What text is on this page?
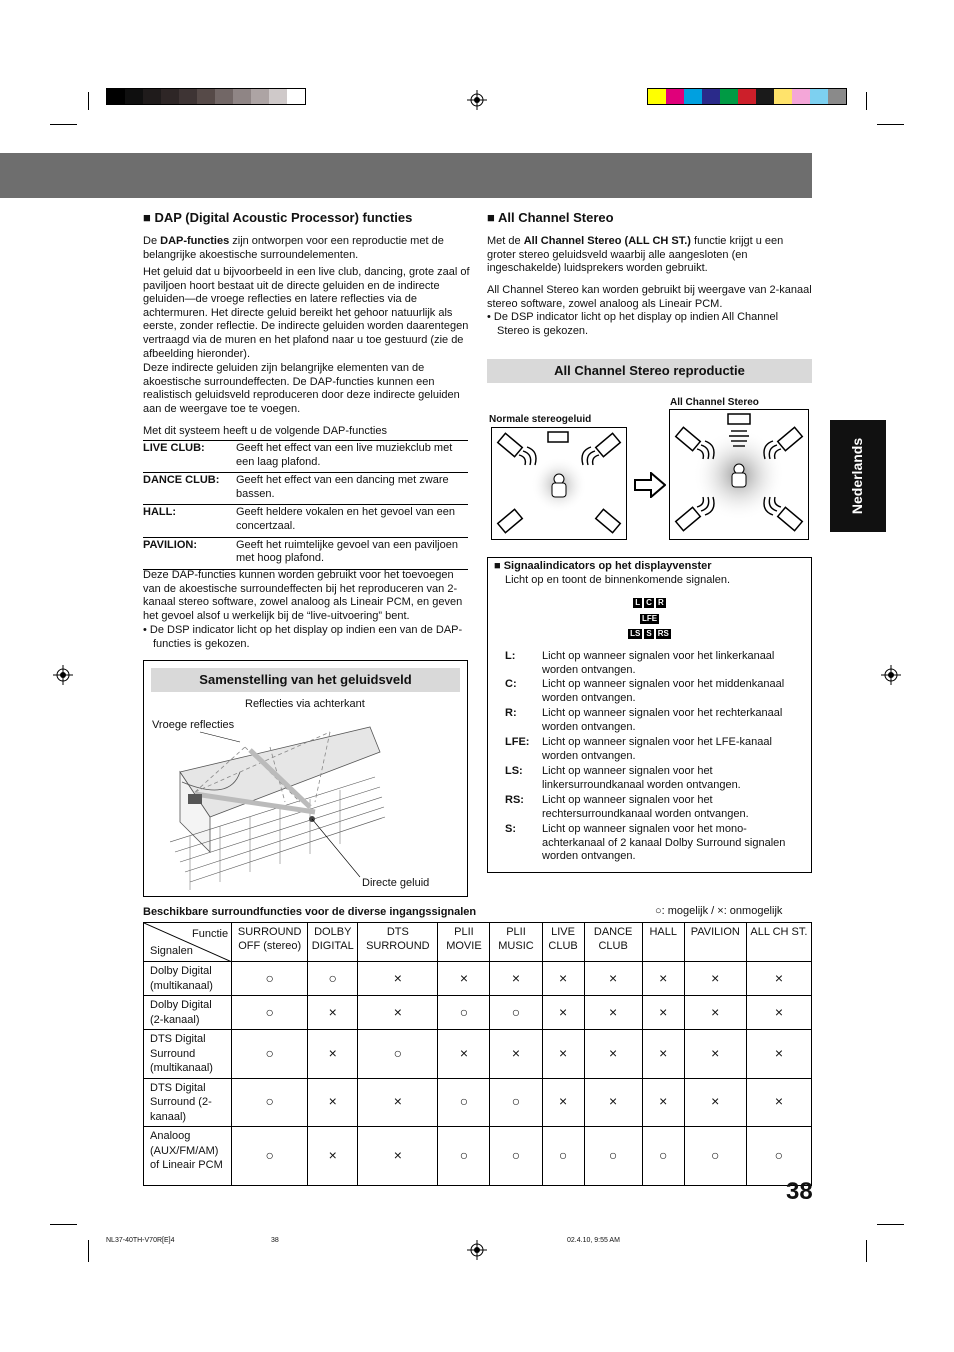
Nederlands
■ DAP (Digital Acoustic Processor) functies
De DAP-functies zijn ontworpen voor een reproductie met de belangrijke akoestische surroundelementen.
Het geluid dat u bijvoorbeeld in een live club, dancing, grote zaal of paviljoen hoort bestaat uit de directe geluiden en de indirecte geluiden—de vroege reflecties en latere reflecties via de achtermuren. Het directe geluid bereikt het gehoor natuurlijk als eerste, zonder reflectie. De indirecte geluiden worden daarentegen vertraagd via de muren en het plafond naar u toe gestuurd (zie de afbeelding hieronder).
Deze indirecte geluiden zijn belangrijke elementen van de akoestische surroundeffecten. De DAP-functies kunnen een realistisch geluidsveld reproduceren door deze indirecte geluiden aan de weergave toe te voegen.
Met dit systeem heeft u de volgende DAP-functies
LIVE CLUB:	Geeft het effect van een live muziekclub met een laag plafond.
DANCE CLUB:	Geeft het effect van een dancing met zware bassen.
HALL:	Geeft heldere vokalen en het gevoel van een concertzaal.
PAVILION:	Geeft het ruimtelijke gevoel van een paviljoen met hoog plafond.
Deze DAP-functies kunnen worden gebruikt voor het toevoegen van de akoestische surroundeffecten bij het reproduceren van 2-kanaal stereo software, zowel analoog als Lineair PCM, en geven het gevoel alsof u werkelijk bij de “live-uitvoering” bent.
• De DSP indicator licht op het display op indien een van de DAP-functies is gekozen.
Samenstelling van het geluidsveld
Reflecties via achterkant
Vroege reflecties
Directe geluid
■ All Channel Stereo
Met de All Channel Stereo (ALL CH ST.) functie krijgt u een groter stereo geluidsveld waarbij alle aangesloten (en ingeschakelde) luidsprekers worden gebruikt.
All Channel Stereo kan worden gebruikt bij weergave van 2-kanaal stereo software, zowel analoog als Lineair PCM.
• De DSP indicator licht op het display op indien All Channel Stereo is gekozen.
All Channel Stereo reproductie
Normale stereogeluid
All Channel Stereo
■ Signaalindicators op het displayvenster
Licht op en toont de binnenkomende signalen.
L C R
LFE
LS S RS
L:	Licht op wanneer signalen voor het linkerkanaal worden ontvangen.
C:	Licht op wanneer signalen voor het middenkanaal worden ontvangen.
R:	Licht op wanneer signalen voor het rechterkanaal worden ontvangen.
LFE:	Licht op wanneer signalen voor het LFE-kanaal worden ontvangen.
LS:	Licht op wanneer signalen voor het linkersurroundkanaal worden ontvangen.
RS:	Licht op wanneer signalen voor het rechtersurroundkanaal worden ontvangen.
S:	Licht op wanneer signalen voor het mono-achterkanaal of 2 kanaal Dolby Surround signalen worden ontvangen.
Beschikbare surroundfuncties voor de diverse ingangssignalen	○: mogelijk / ×: onmogelijk
Functie
Signalen	SURROUND OFF (stereo)	DOLBY DIGITAL	DTS SURROUND	PLII MOVIE	PLII MUSIC	LIVE CLUB	DANCE CLUB	HALL	PAVILION	ALL CH ST.
Dolby Digital (multikanaal)	○	○	×	×	×	×	×	×	×	×
Dolby Digital (2-kanaal)	○	×	×	○	○	×	×	×	×	×
DTS Digital Surround (multikanaal)	○	×	○	×	×	×	×	×	×	×
DTS Digital Surround (2-kanaal)	○	×	×	○	○	×	×	×	×	×
Analoog (AUX/FM/AM) of Lineair PCM	○	×	×	○	○	○	○	○	○	○
38
NL37-40TH-V70R[E]4	38	02.4.10, 9:55 AM
